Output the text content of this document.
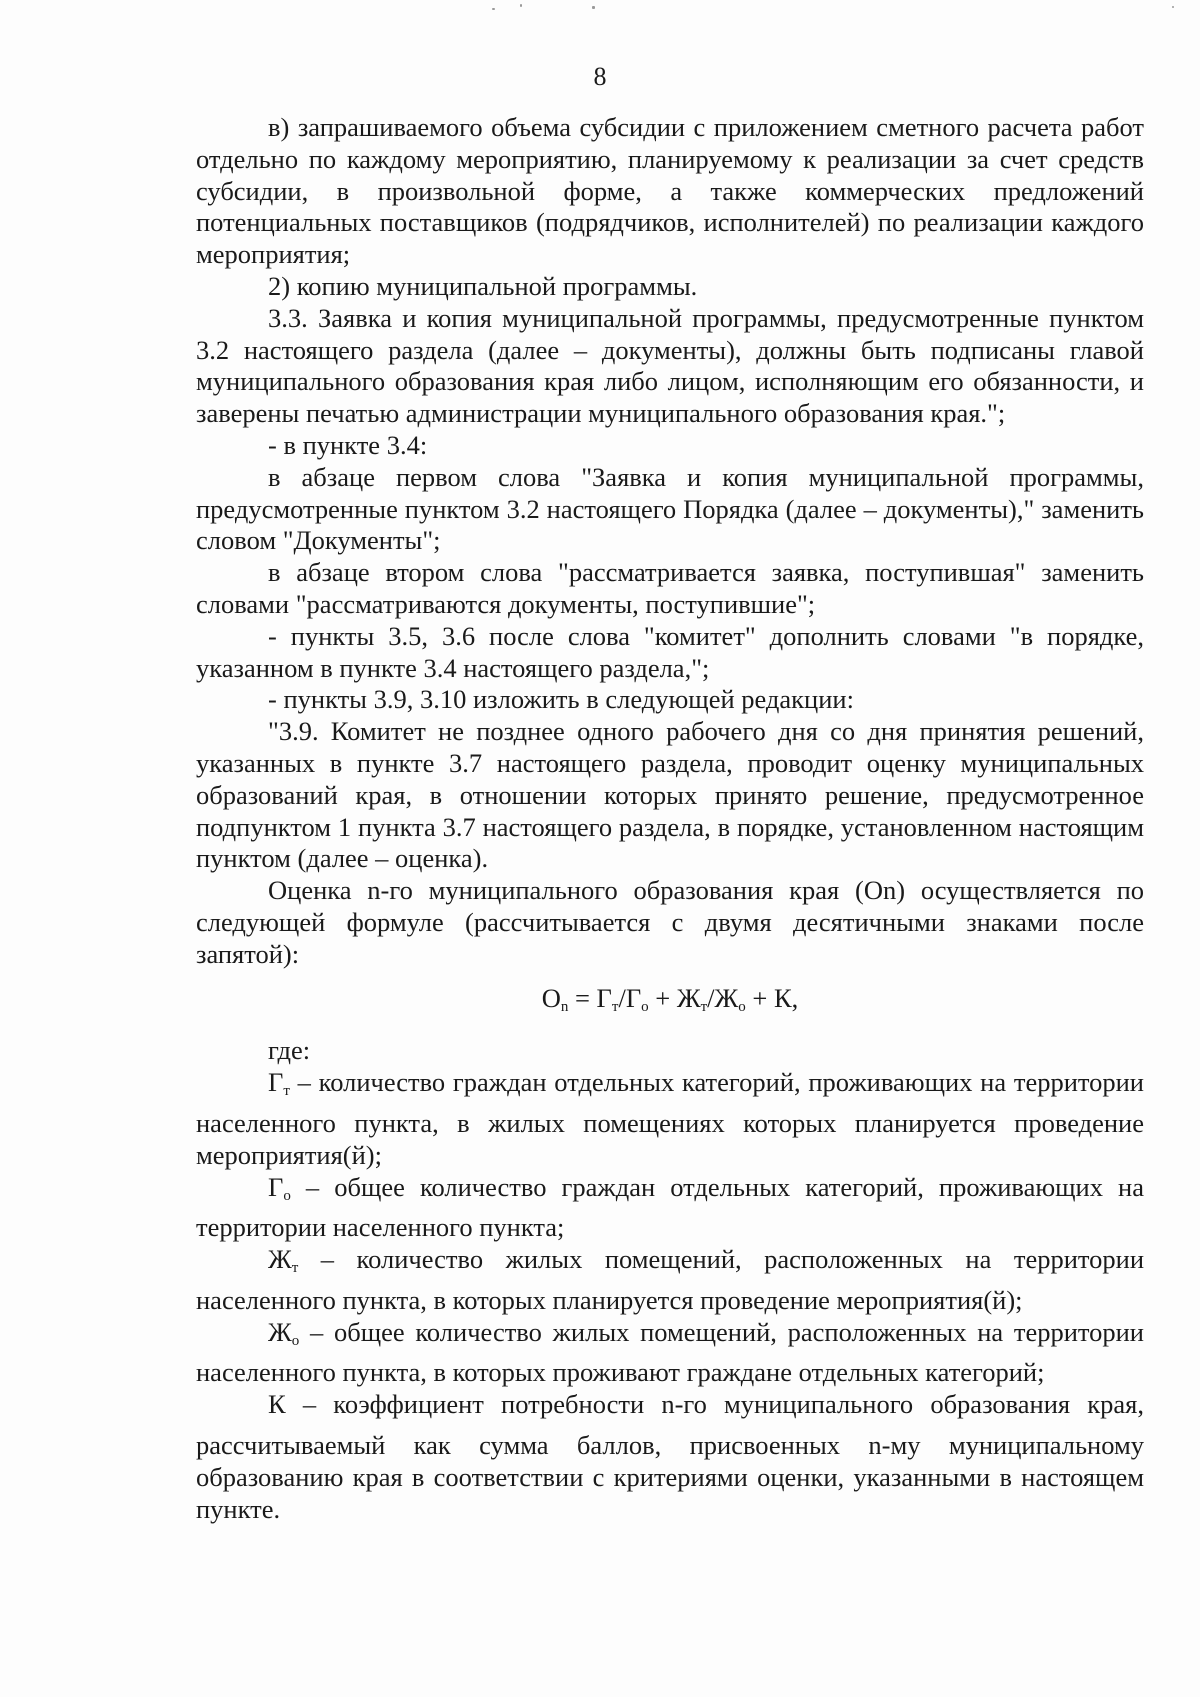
8

в) запрашиваемого объема субсидии с приложением сметного расчета работ отдельно по каждому мероприятию, планируемому к реализации за счет средств субсидии, в произвольной форме, а также коммерческих предложений потенциальных поставщиков (подрядчиков, исполнителей) по реализации каждого мероприятия;

2) копию муниципальной программы.

3.3. Заявка и копия муниципальной программы, предусмотренные пунктом 3.2 настоящего раздела (далее – документы), должны быть подписаны главой муниципального образования края либо лицом, исполняющим его обязанности, и заверены печатью администрации муниципального образования края.";

- в пункте 3.4:

в абзаце первом слова "Заявка и копия муниципальной программы, предусмотренные пунктом 3.2 настоящего Порядка (далее – документы)," заменить словом "Документы";

в абзаце втором слова "рассматривается заявка, поступившая" заменить словами "рассматриваются документы, поступившие";

- пункты 3.5, 3.6 после слова "комитет" дополнить словами "в порядке, указанном в пункте 3.4 настоящего раздела,";

- пункты 3.9, 3.10 изложить в следующей редакции:

"3.9. Комитет не позднее одного рабочего дня со дня принятия решений, указанных в пункте 3.7 настоящего раздела, проводит оценку муниципальных образований края, в отношении которых принято решение, предусмотренное подпунктом 1 пункта 3.7 настоящего раздела, в порядке, установленном настоящим пунктом (далее – оценка).

Оценка n-го муниципального образования края (Оn) осуществляется по следующей формуле (рассчитывается с двумя десятичными знаками после запятой):

$О_n = Г_т/Г_о + Ж_т/Ж_о + К$,

где:

$Г_т$ – количество граждан отдельных категорий, проживающих на территории населенного пункта, в жилых помещениях которых планируется проведение мероприятия(й);

$Г_о$ – общее количество граждан отдельных категорий, проживающих на территории населенного пункта;

$Ж_т$ – количество жилых помещений, расположенных на территории населенного пункта, в которых планируется проведение мероприятия(й);

$Ж_о$ – общее количество жилых помещений, расположенных на территории населенного пункта, в которых проживают граждане отдельных категорий;

К – коэффициент потребности n-го муниципального образования края, рассчитываемый как сумма баллов, присвоенных n-му муниципальному образованию края в соответствии с критериями оценки, указанными в настоящем пункте.
